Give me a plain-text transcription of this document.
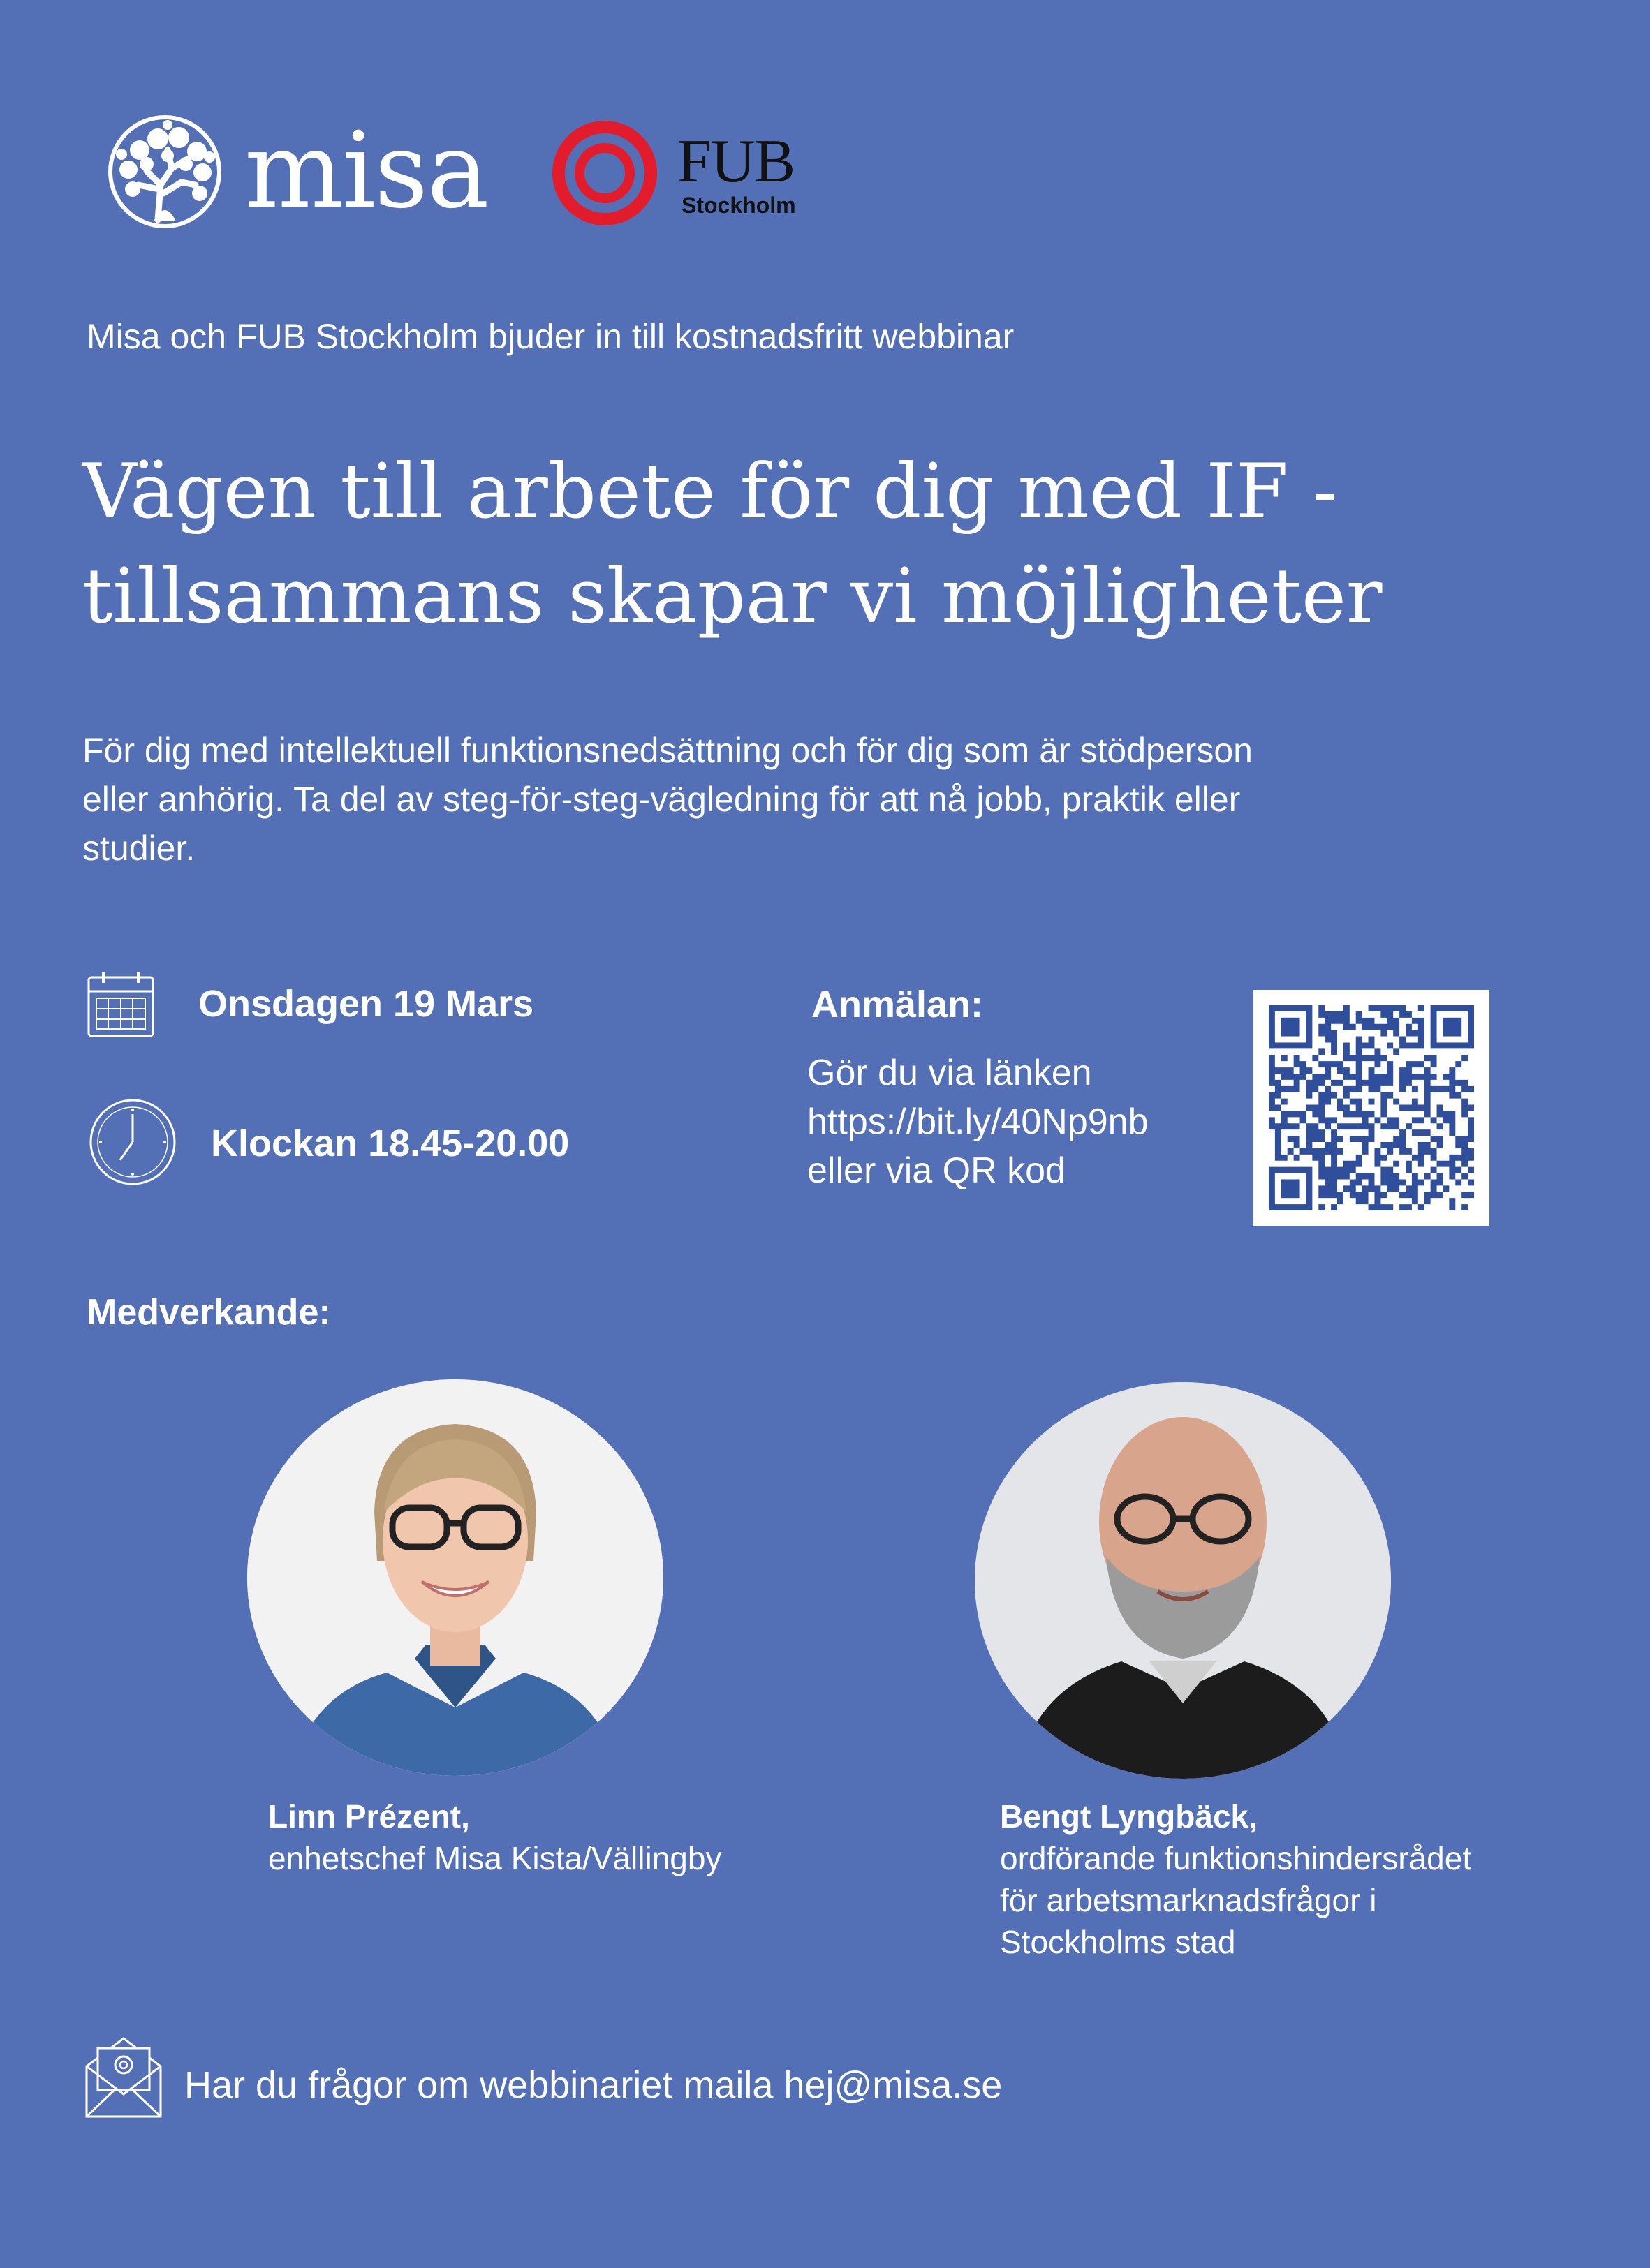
misa	FUB
Stockholm
Misa och FUB Stockholm bjuder in till kostnadsfritt webbinar
Vägen till arbete för dig med IF -
tillsammans skapar vi möjligheter

För dig med intellektuell funktionsnedsättning och för dig som är stödperson
eller anhörig. Ta del av steg-för-steg-vägledning för att nå jobb, praktik eller
studier.

Onsdagen 19 Mars
Klockan 18.45-20.00
Anmälan:

Gör du via länken
https://bit.ly/40Np9nb
eller via QR kod

Medverkande:
Linn Prézent,

enhetschef Misa Kista/Vällingby

Bengt Lyngbäck,

ordförande funktionshindersrådet
för arbetsmarknadsfrågor i
Stockholms stad

Har du frågor om webbinariet maila hej@misa.se
